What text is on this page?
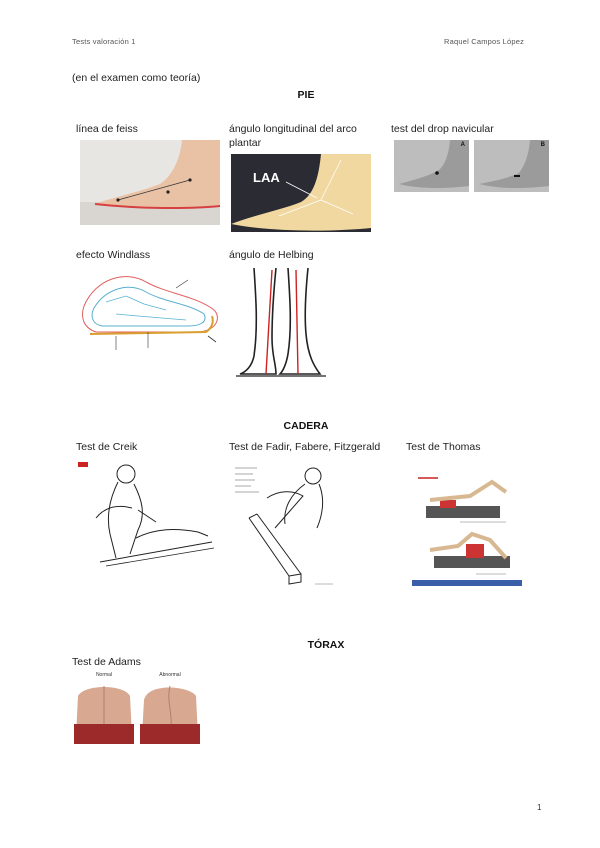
Tests valoración 1	Raquel Campos López
(en el examen como teoría)
PIE
línea de feiss	ángulo longitudinal del arco plantar
test del drop navicular
LAA
A	B
efecto Windlass	ángulo de Helbing
CADERA
Test de Creik	Test de Fadir, Fabere, Fitzgerald Test de Thomas
TÓRAX
Test de Adams
Normal	Abnormal
1
